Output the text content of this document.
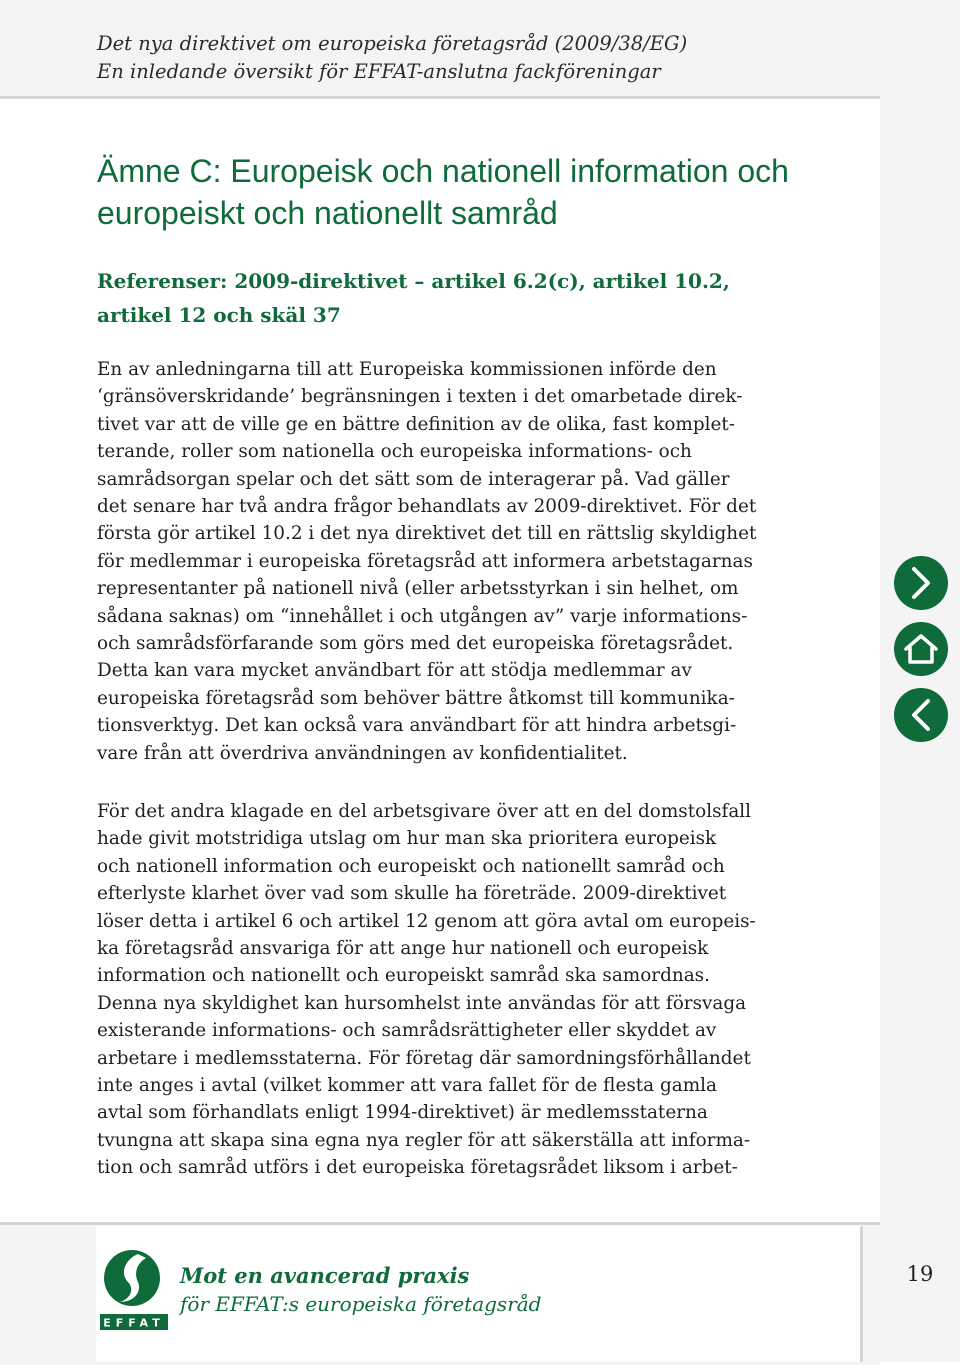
Det nya direktivet om europeiska företagsråd (2009/38/EG)
En inledande översikt för EFFAT-anslutna fackföreningar
Ämne C: Europeisk och nationell information och
europeiskt och nationellt samråd
Referenser: 2009-direktivet – artikel 6.2(c), artikel 10.2,
artikel 12 och skäl 37
En av anledningarna till att Europeiska kommissionen införde den
‘gränsöverskridande’ begränsningen i texten i det omarbetade direk-
tivet var att de ville ge en bättre definition av de olika, fast komplet-
terande, roller som nationella och europeiska informations- och
samrådsorgan spelar och det sätt som de interagerar på. Vad gäller
det senare har två andra frågor behandlats av 2009-direktivet. För det
första gör artikel 10.2 i det nya direktivet det till en rättslig skyldighet
för medlemmar i europeiska företagsråd att informera arbetstagarnas
representanter på nationell nivå (eller arbetsstyrkan i sin helhet, om
sådana saknas) om “innehållet i och utgången av” varje informations-
och samrådsförfarande som görs med det europeiska företagsrådet.
Detta kan vara mycket användbart för att stödja medlemmar av
europeiska företagsråd som behöver bättre åtkomst till kommunika-
tionsverktyg. Det kan också vara användbart för att hindra arbetsgi-
vare från att överdriva användningen av konfidentialitet.
För det andra klagade en del arbetsgivare över att en del domstolsfall
hade givit motstridiga utslag om hur man ska prioritera europeisk
och nationell information och europeiskt och nationellt samråd och
efterlyste klarhet över vad som skulle ha företräde. 2009-direktivet
löser detta i artikel 6 och artikel 12 genom att göra avtal om europeis-
ka företagsråd ansvariga för att ange hur nationell och europeisk
information och nationellt och europeiskt samråd ska samordnas.
Denna nya skyldighet kan hursomhelst inte användas för att försvaga
existerande informations- och samrådsrättigheter eller skyddet av
arbetare i medlemsstaterna. För företag där samordningsförhållandet
inte anges i avtal (vilket kommer att vara fallet för de flesta gamla
avtal som förhandlats enligt 1994-direktivet) är medlemsstaterna
tvungna att skapa sina egna nya regler för att säkerställa att informa-
tion och samråd utförs i det europeiska företagsrådet liksom i arbet-
EFFAT
Mot en avancerad praxis
för EFFAT:s europeiska företagsråd
19
